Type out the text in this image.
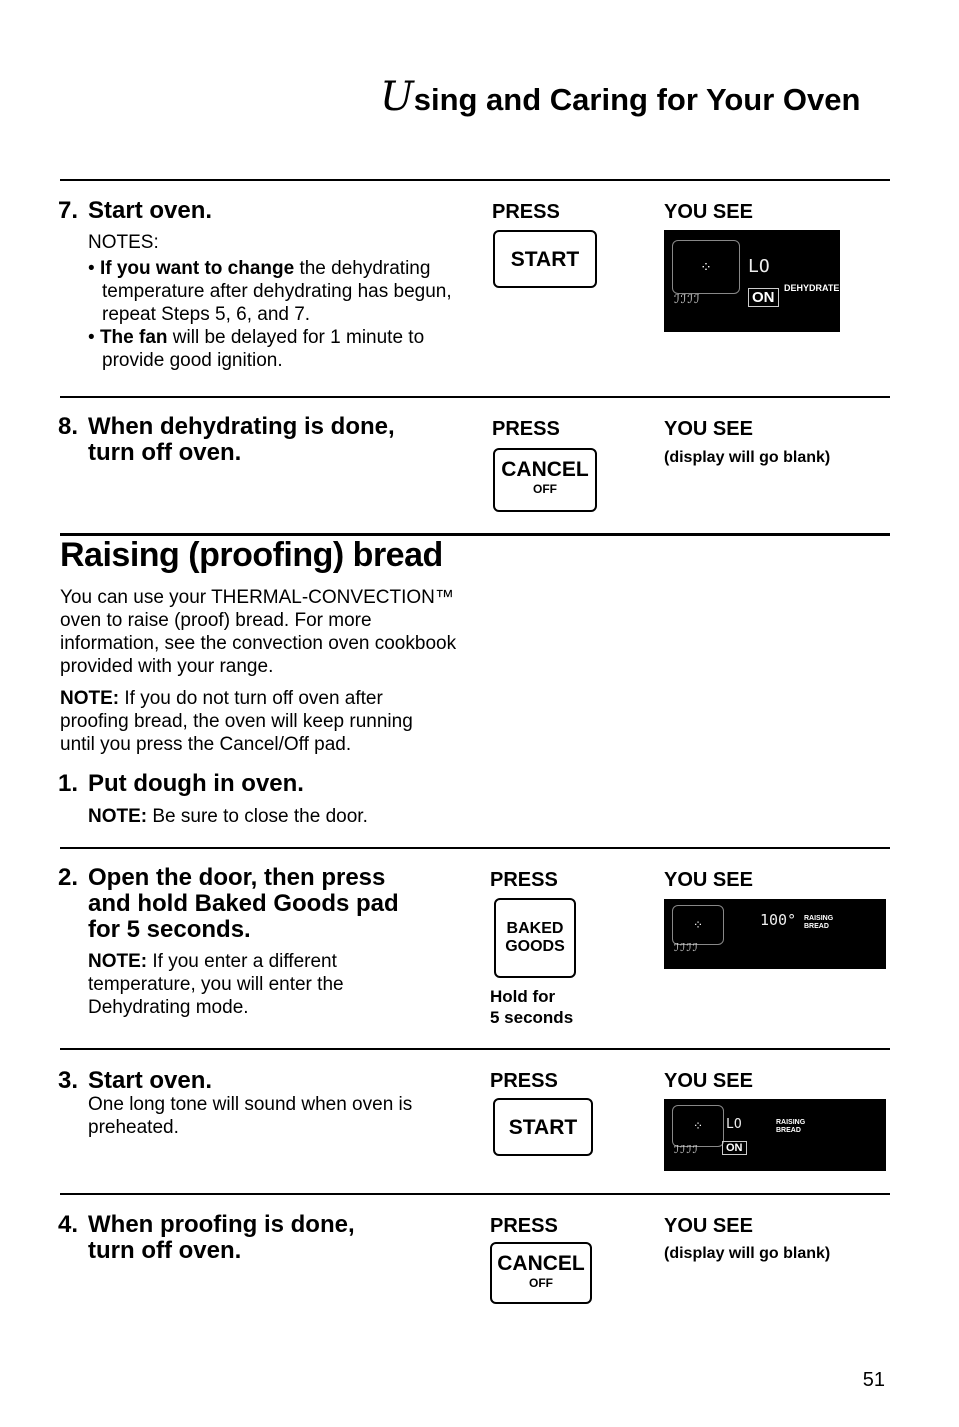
Using and Caring for Your Oven
7. Start oven.
NOTES:
• If you want to change the dehydrating temperature after dehydrating has begun, repeat Steps 5, 6, and 7.
• The fan will be delayed for 1 minute to provide good ignition.
PRESS
START
YOU SEE
⁘
ℐℐℐℐ
LO
ON
DEHYDRATE
8. When dehydrating is done,
turn off oven.
PRESS
CANCEL
OFF
YOU SEE
(display will go blank)
Raising (proofing) bread
You can use your THERMAL-CONVECTION™ oven to raise (proof) bread. For more information, see the convection oven cookbook provided with your range.
NOTE: If you do not turn off oven after proofing bread, the oven will keep running until you press the Cancel/Off pad.
1. Put dough in oven.
NOTE: Be sure to close the door.
2. Open the door, then press
and hold Baked Goods pad
for 5 seconds.
NOTE: If you enter a different temperature, you will enter the Dehydrating mode.
PRESS
BAKED
GOODS
Hold for
5 seconds
YOU SEE
⁘
ℐℐℐℐ
100° RAISING
BREAD
3. Start oven.
One long tone will sound when oven is preheated.
PRESS
START
YOU SEE
⁘
ℐℐℐℐ
LO
ON
RAISING
BREAD
4. When proofing is done,
turn off oven.
PRESS
CANCEL
OFF
YOU SEE
(display will go blank)
51
